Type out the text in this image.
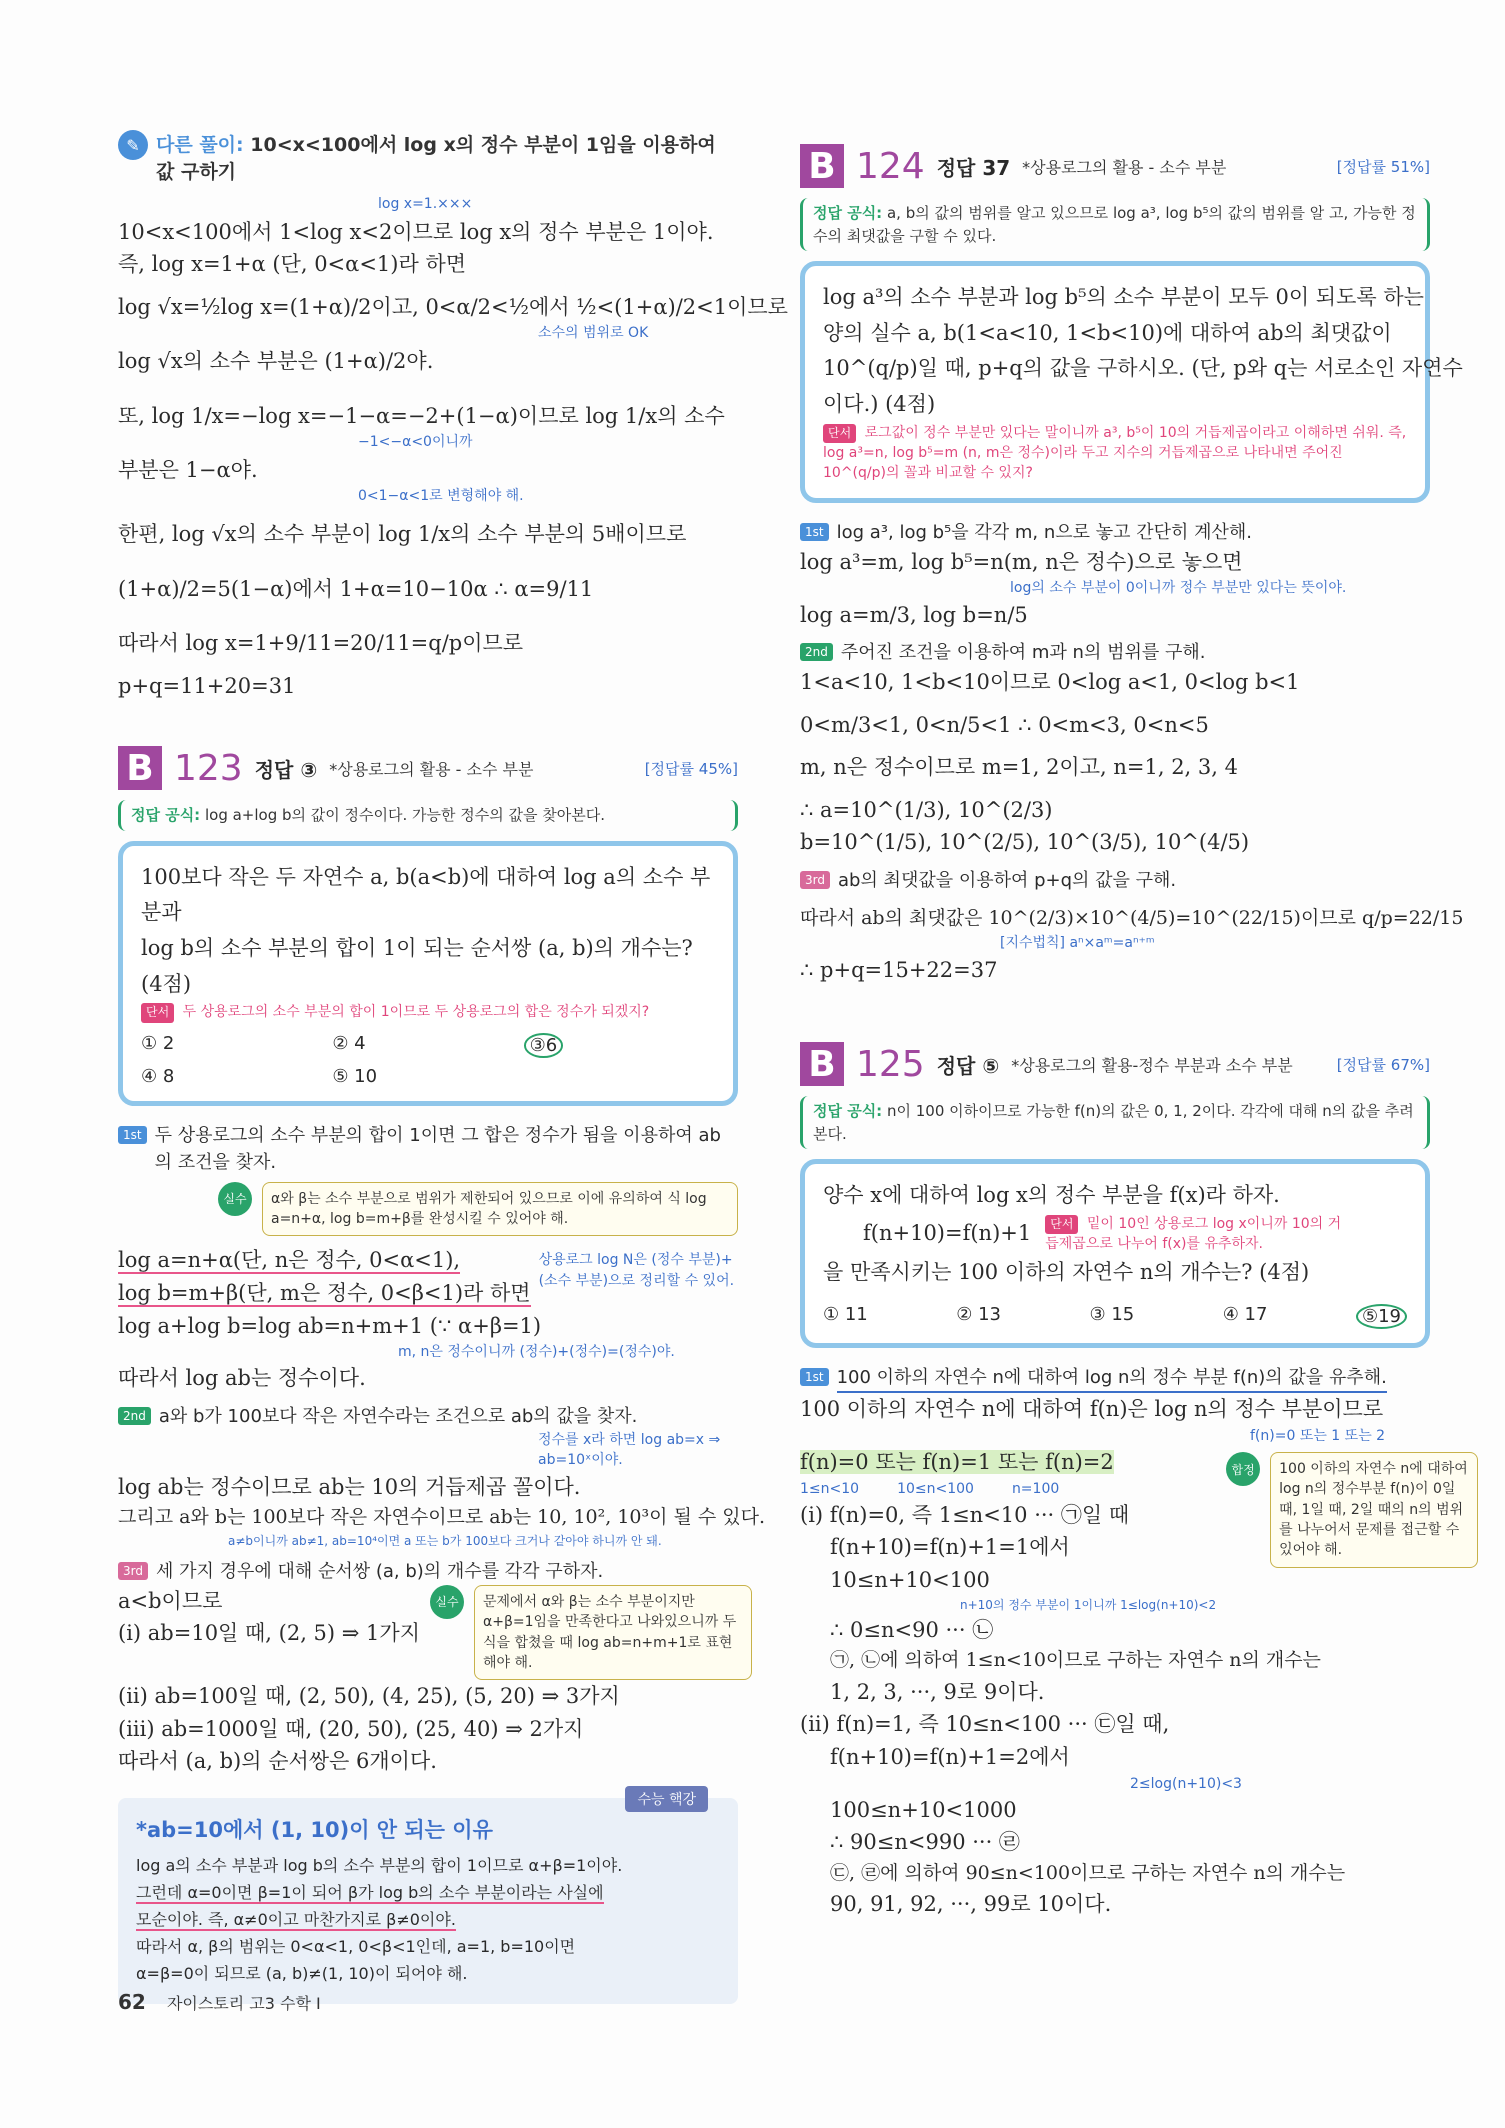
✎ 다른 풀이: 10<x<100에서 log x의 정수 부분이 1임을 이용하여 값 구하기
log x=1.×××

10<x<100에서 1<log x<2이므로 log x의 정수 부분은 1이야.

즉, log x=1+α (단, 0<α<1)라 하면

log √x=½log x=(1+α)/2이고, 0<α/2<½에서 ½<(1+α)/2<1이므로

소수의 범위로 OK

log √x의 소수 부분은 (1+α)/2야.

또, log 1/x=−log x=−1−α=−2+(1−α)이므로 log 1/x의 소수

−1<−α<0이니까

부분은 1−α야.

0<1−α<1로 변형해야 해.

한편, log √x의 소수 부분이 log 1/x의 소수 부분의 5배이므로

(1+α)/2=5(1−α)에서 1+α=10−10α ∴ α=9/11

따라서 log x=1+9/11=20/11=q/p이므로

p+q=11+20=31

B 123 정답 ③ *상용로그의 활용 - 소수 부분	[정답률 45%]
정답 공식: log a+log b의 값이 정수이다. 가능한 정수의 값을 찾아본다.

100보다 작은 두 자연수 a, b(a<b)에 대하여 log a의 소수 부분과

log b의 소수 부분의 합이 1이 되는 순서쌍 (a, b)의 개수는? (4점)

단서 두 상용로그의 소수 부분의 합이 1이므로 두 상용로그의 합은 정수가 되겠지?
① 2	② 4	③6
④ 8	⑤ 10
1st 두 상용로그의 소수 부분의 합이 1이면 그 합은 정수가 됨을 이용하여 ab의 조건을 찾자.
실수	α와 β는 소수 부분으로 범위가 제한되어 있으므로 이에 유의하여 식 log a=n+α, log b=m+β를 완성시킬 수 있어야 해.

log a=n+α(단, n은 정수, 0<α<1),

log b=m+β(단, m은 정수, 0<β<1)라 하면

상용로그 log N은 (정수 부분)+(소수 부분)으로 정리할 수 있어.

log a+log b=log ab=n+m+1 (∵ α+β=1)

m, n은 정수이니까 (정수)+(정수)=(정수)야.

따라서 log ab는 정수이다.

2nd a와 b가 100보다 작은 자연수라는 조건으로 ab의 값을 찾자.
정수를 x라 하면 log ab=x ⇒ ab=10ˣ이야.

log ab는 정수이므로 ab는 10의 거듭제곱 꼴이다.

그리고 a와 b는 100보다 작은 자연수이므로 ab는 10, 10², 10³이 될 수 있다.

a≠b이니까 ab≠1, ab=10⁴이면 a 또는 b가 100보다 크거나 같아야 하니까 안 돼.
3rd 세 가지 경우에 대해 순서쌍 (a, b)의 개수를 각각 구하자.

a<b이므로

(i) ab=10일 때, (2, 5) ⇒ 1가지

실수	문제에서 α와 β는 소수 부분이지만 α+β=1임을 만족한다고 나와있으니까 두 식을 합쳤을 때 log ab=n+m+1로 표현해야 해.

(ii) ab=100일 때, (2, 50), (4, 25), (5, 20) ⇒ 3가지

(iii) ab=1000일 때, (20, 50), (25, 40) ⇒ 2가지

따라서 (a, b)의 순서쌍은 6개이다.

수능 핵강
*ab=10에서 (1, 10)이 안 되는 이유
log a의 소수 부분과 log b의 소수 부분의 합이 1이므로 α+β=1이야.
그런데 α=0이면 β=1이 되어 β가 log b의 소수 부분이라는 사실에
모순이야. 즉, α≠0이고 마찬가지로 β≠0이야.
따라서 α, β의 범위는 0<α<1, 0<β<1인데, a=1, b=10이면
α=β=0이 되므로 (a, b)≠(1, 10)이 되어야 해.
B 124 정답 37 *상용로그의 활용 - 소수 부분	[정답률 51%]
정답 공식: a, b의 값의 범위를 알고 있으므로 log a³, log b⁵의 값의 범위를 알 고, 가능한 정수의 최댓값을 구할 수 있다.

log a³의 소수 부분과 log b⁵의 소수 부분이 모두 0이 되도록 하는

양의 실수 a, b(1<a<10, 1<b<10)에 대하여 ab의 최댓값이

10^(q/p)일 때, p+q의 값을 구하시오. (단, p와 q는 서로소인 자연수

이다.) (4점)

단서 로그값이 정수 부분만 있다는 말이니까 a³, b⁵이 10의 거듭제곱이라고 이해하면 쉬워. 즉, log a³=n, log b⁵=m (n, m은 정수)이라 두고 지수의 거듭제곱으로 나타내면 주어진 10^(q/p)의 꼴과 비교할 수 있지?
1st log a³, log b⁵을 각각 m, n으로 놓고 간단히 계산해.

log a³=m, log b⁵=n(m, n은 정수)으로 놓으면

log의 소수 부분이 0이니까 정수 부분만 있다는 뜻이야.

log a=m/3, log b=n/5

2nd 주어진 조건을 이용하여 m과 n의 범위를 구해.

1<a<10, 1<b<10이므로 0<log a<1, 0<log b<1

0<m/3<1, 0<n/5<1 ∴ 0<m<3, 0<n<5

m, n은 정수이므로 m=1, 2이고, n=1, 2, 3, 4

∴ a=10^(1/3), 10^(2/3)

b=10^(1/5), 10^(2/5), 10^(3/5), 10^(4/5)

3rd ab의 최댓값을 이용하여 p+q의 값을 구해.

따라서 ab의 최댓값은 10^(2/3)×10^(4/5)=10^(22/15)이므로 q/p=22/15

[지수법칙] aⁿ×aᵐ=aⁿ⁺ᵐ

∴ p+q=15+22=37

B 125 정답 ⑤ *상용로그의 활용-정수 부분과 소수 부분	[정답률 67%]
정답 공식: n이 100 이하이므로 가능한 f(n)의 값은 0, 1, 2이다. 각각에 대해 n의 값을 추려본다.

양수 x에 대하여 log x의 정수 부분을 f(x)라 하자.

f(n+10)=f(n)+1	단서 밑이 10인 상용로그 log x이니까 10의 거듭제곱으로 나누어 f(x)를 유추하자.

을 만족시키는 100 이하의 자연수 n의 개수는? (4점)

① 11	② 13	③ 15	④ 17	⑤19
1st 100 이하의 자연수 n에 대하여 log n의 정수 부분 f(n)의 값을 유추해.

100 이하의 자연수 n에 대하여 f(n)은 log n의 정수 부분이므로

f(n)=0 또는 1 또는 2

f(n)=0 또는 f(n)=1 또는 f(n)=2

1≤n<10	10≤n<100	n=100

(i) f(n)=0, 즉 1≤n<10 ··· ㉠일 때

f(n+10)=f(n)+1=1에서

10≤n+10<100

n+10의 정수 부분이 1이니까 1≤log(n+10)<2

∴ 0≤n<90 ··· ㉡

합정	100 이하의 자연수 n에 대하여 log n의 정수부분 f(n)이 0일 때, 1일 때, 2일 때의 n의 범위를 나누어서 문제를 접근할 수 있어야 해.

㉠, ㉡에 의하여 1≤n<10이므로 구하는 자연수 n의 개수는

1, 2, 3, ···, 9로 9이다.

(ii) f(n)=1, 즉 10≤n<100 ··· ㉢일 때,

f(n+10)=f(n)+1=2에서

2≤log(n+10)<3

100≤n+10<1000

∴ 90≤n<990 ··· ㉣

㉢, ㉣에 의하여 90≤n<100이므로 구하는 자연수 n의 개수는

90, 91, 92, ···, 99로 10이다.

62 자이스토리 고3 수학 I
